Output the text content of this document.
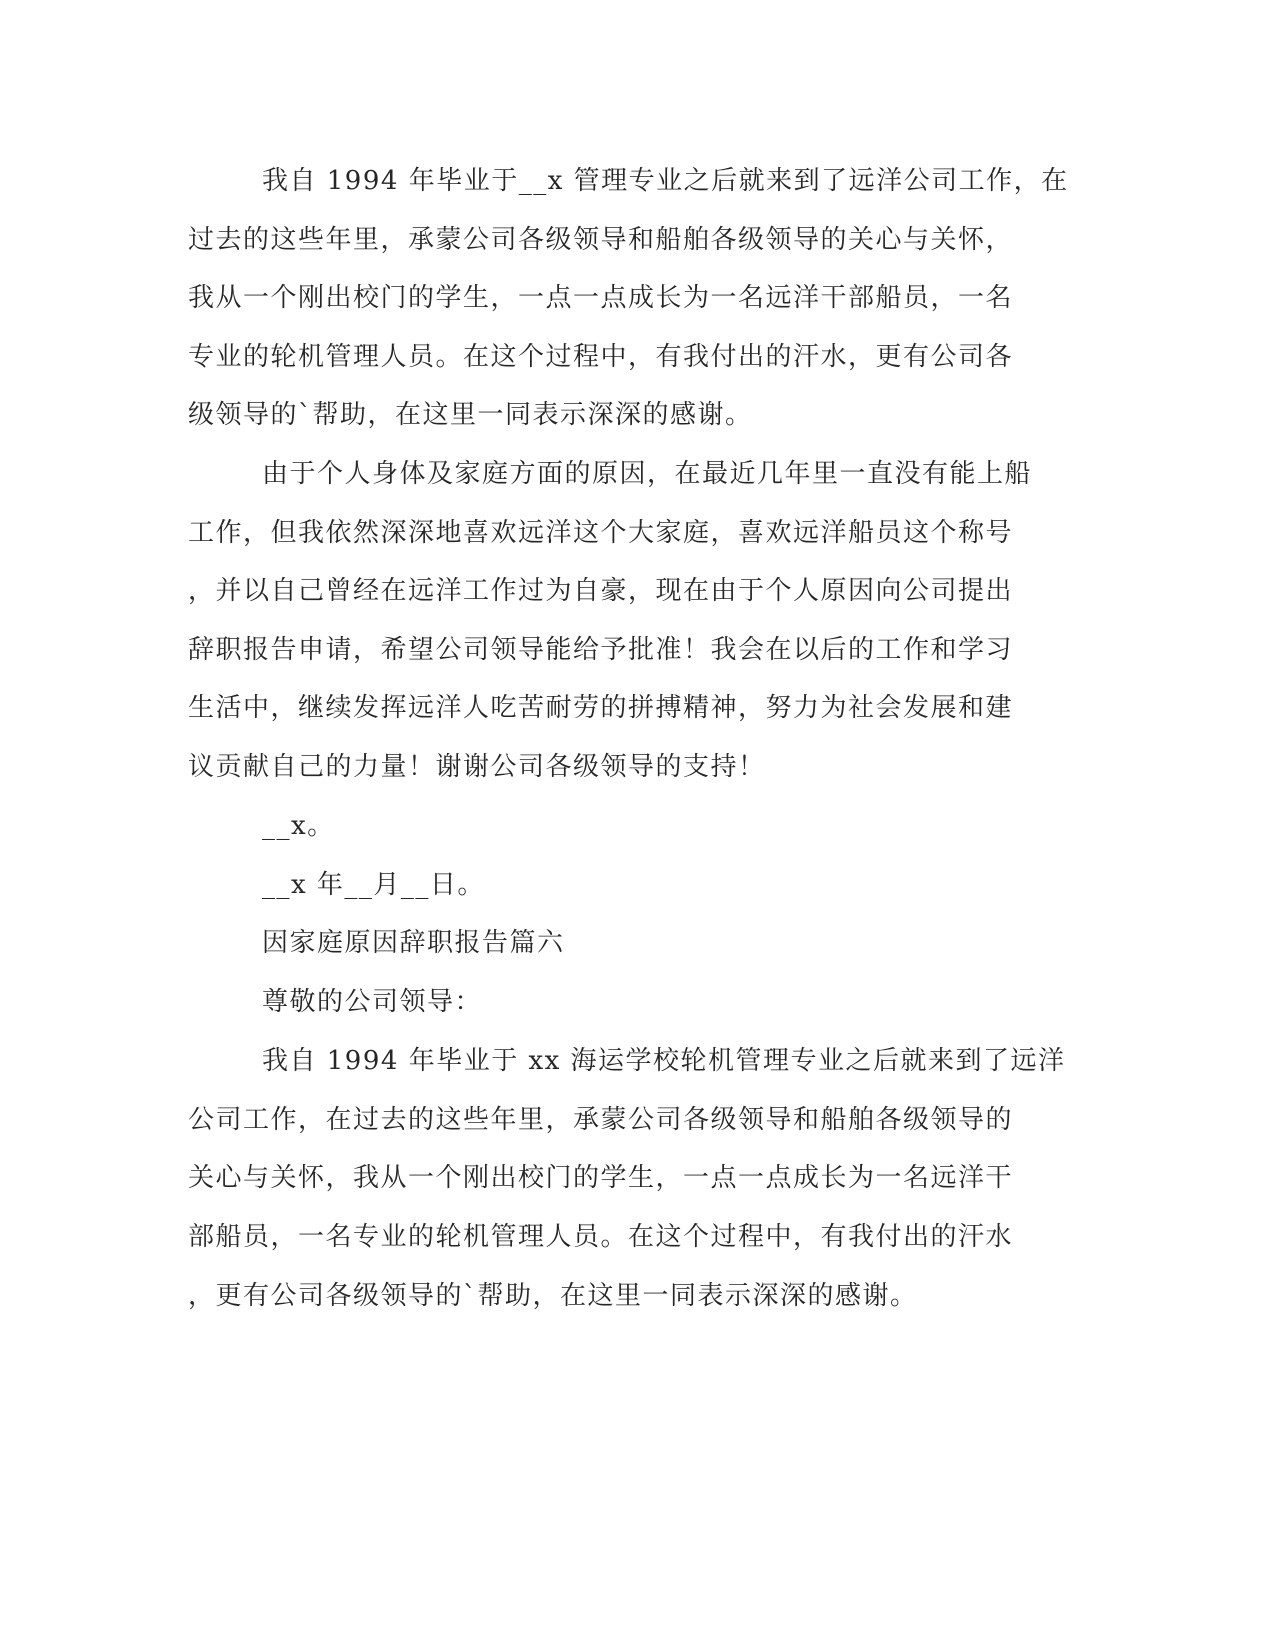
我自 1994 年毕业于__x 管理专业之后就来到了远洋公司工作，在
过去的这些年里，承蒙公司各级领导和船舶各级领导的关心与关怀，
我从一个刚出校门的学生，一点一点成长为一名远洋干部船员，一名
专业的轮机管理人员。在这个过程中，有我付出的汗水，更有公司各
级领导的`帮助，在这里一同表示深深的感谢。
由于个人身体及家庭方面的原因，在最近几年里一直没有能上船
工作，但我依然深深地喜欢远洋这个大家庭，喜欢远洋船员这个称号
，并以自己曾经在远洋工作过为自豪，现在由于个人原因向公司提出
辞职报告申请，希望公司领导能给予批准！我会在以后的工作和学习
生活中，继续发挥远洋人吃苦耐劳的拼搏精神，努力为社会发展和建
议贡献自己的力量！谢谢公司各级领导的支持！
__x。
__x 年__月__日。
因家庭原因辞职报告篇六
尊敬的公司领导：
我自 1994 年毕业于 xx 海运学校轮机管理专业之后就来到了远洋
公司工作，在过去的这些年里，承蒙公司各级领导和船舶各级领导的
关心与关怀，我从一个刚出校门的学生，一点一点成长为一名远洋干
部船员，一名专业的轮机管理人员。在这个过程中，有我付出的汗水
，更有公司各级领导的`帮助，在这里一同表示深深的感谢。
